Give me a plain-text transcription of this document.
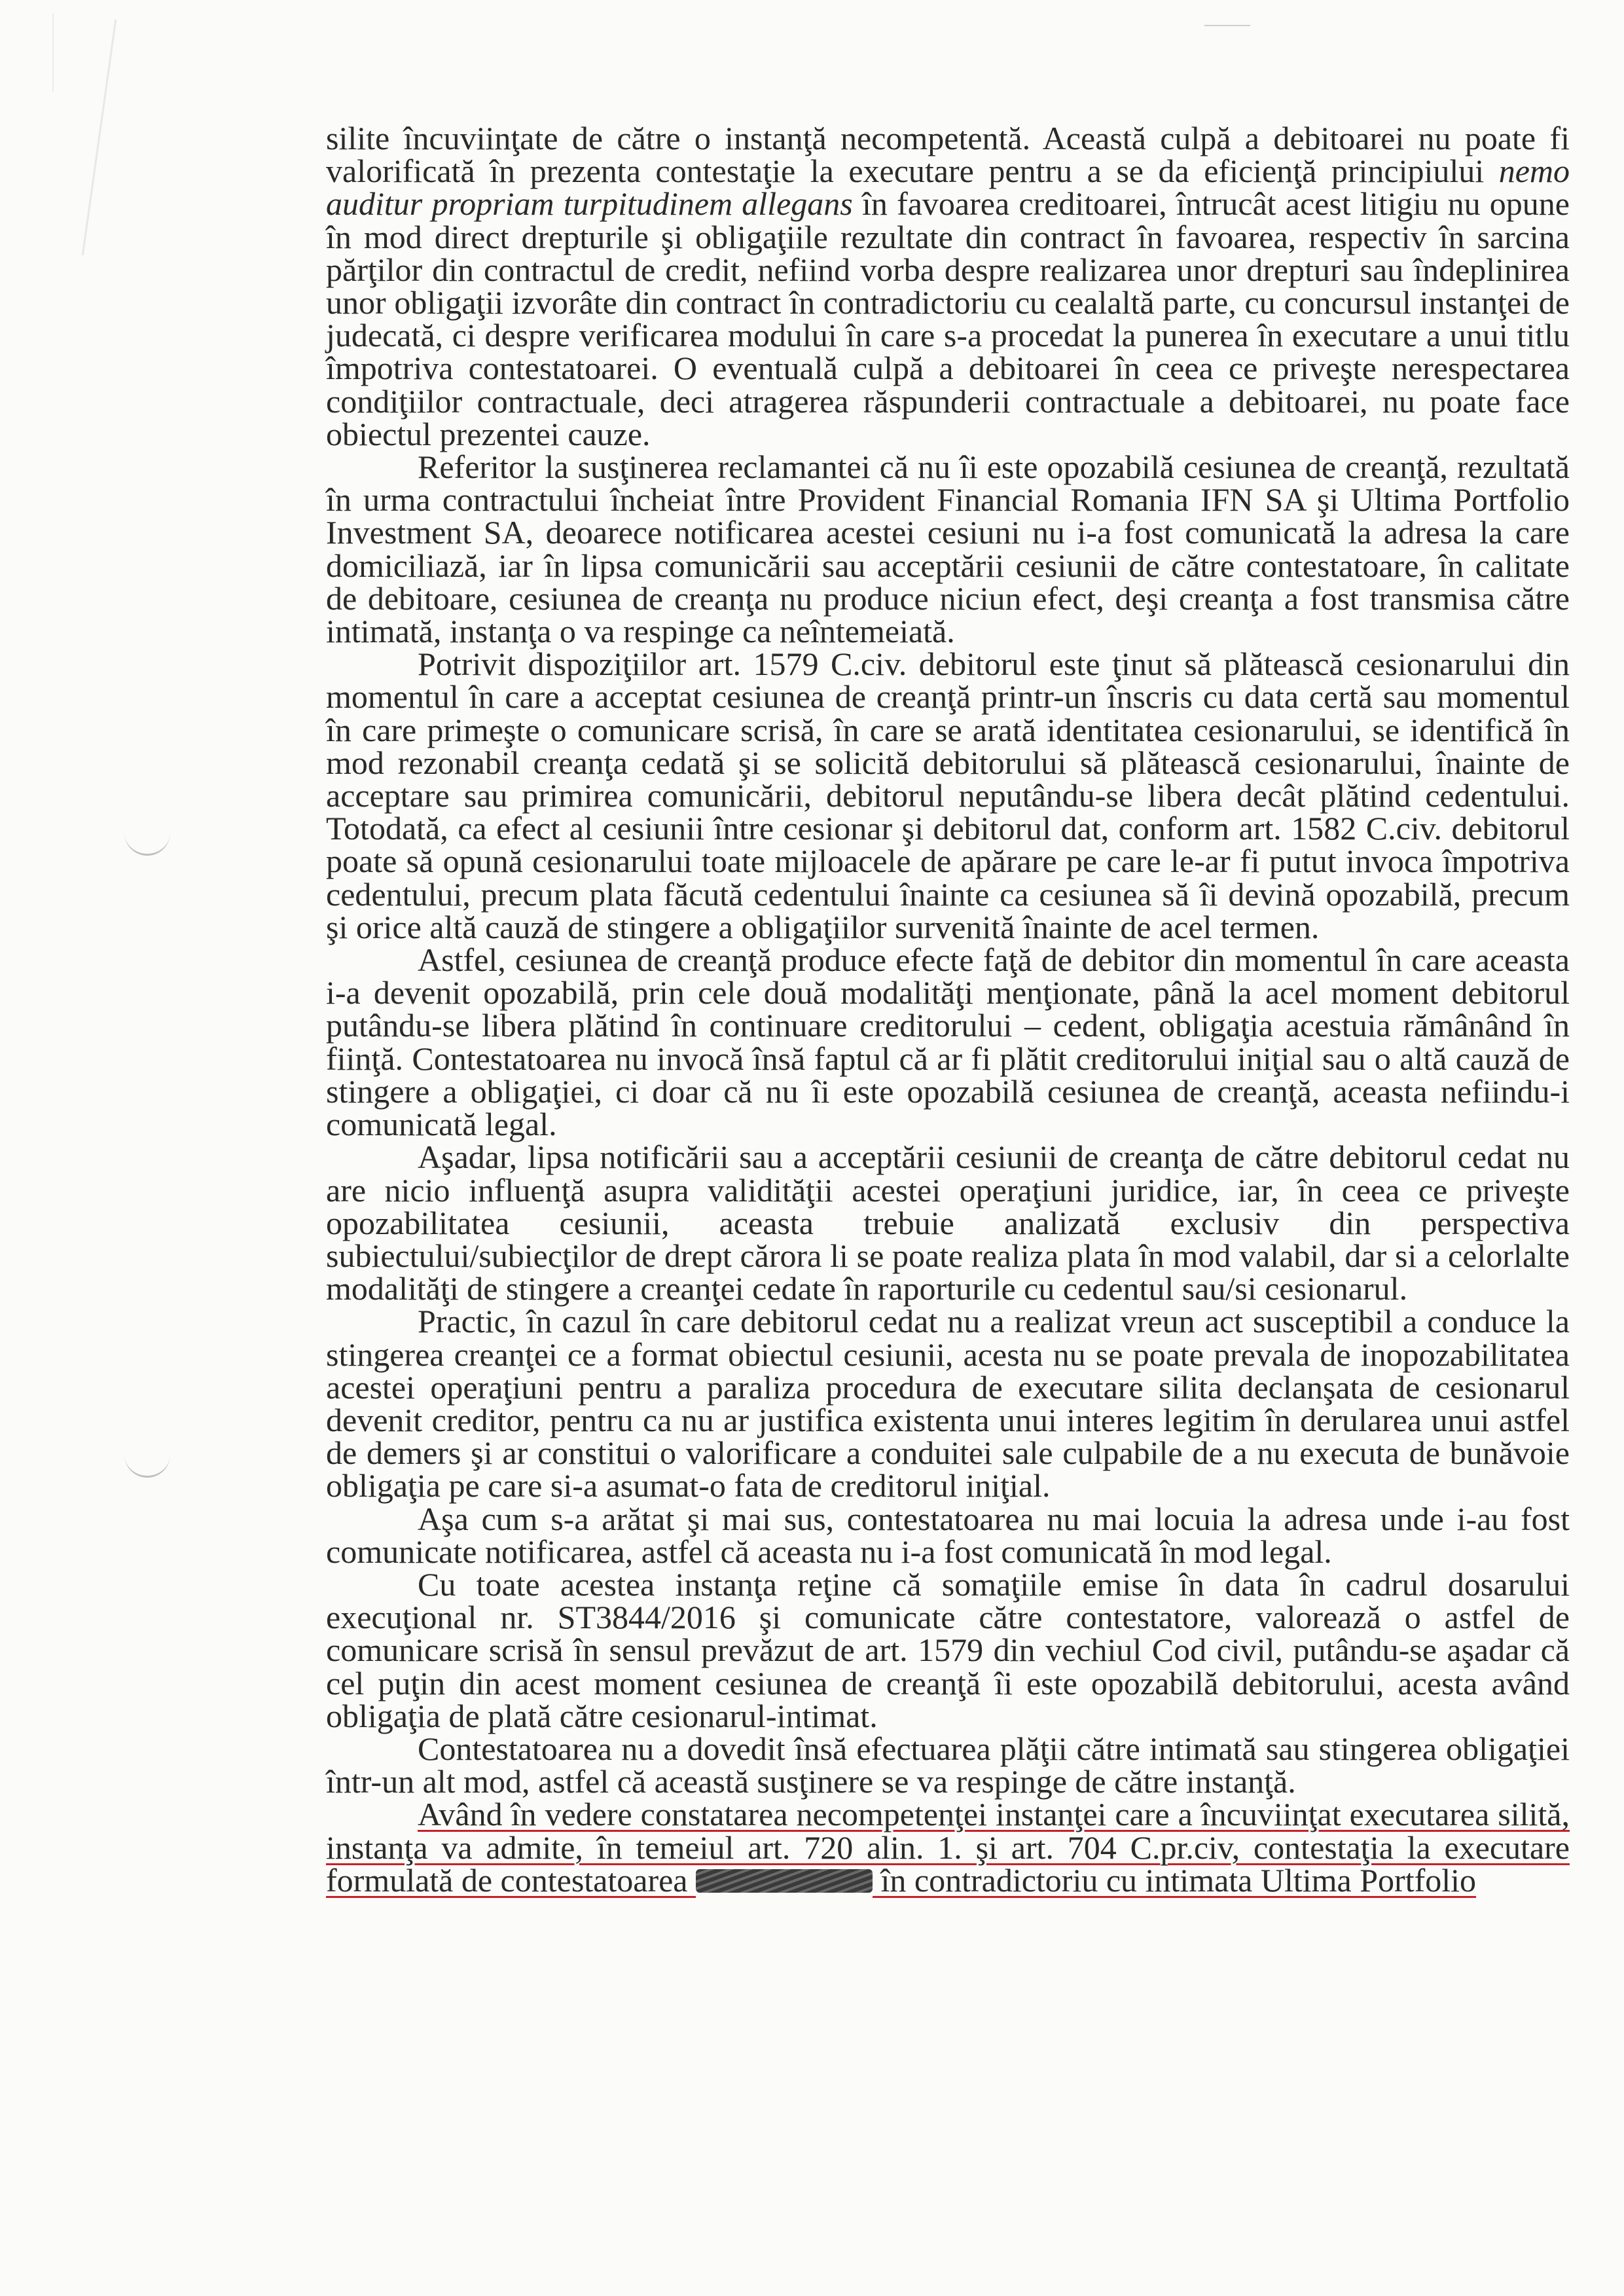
silite încuviinţate de către o instanţă necompetentă. Această culpă a debitoarei nu poate fi valorificată în prezenta contestaţie la executare pentru a se da eficienţă principiului nemo auditur propriam turpitudinem allegans în favoarea creditoarei, întrucât acest litigiu nu opune în mod direct drepturile şi obligaţiile rezultate din contract în favoarea, respectiv în sarcina părţilor din contractul de credit, nefiind vorba despre realizarea unor drepturi sau îndeplinirea unor obligaţii izvorâte din contract în contradictoriu cu cealaltă parte, cu concursul instanţei de judecată, ci despre verificarea modului în care s-a procedat la punerea în executare a unui titlu împotriva contestatoarei. O eventuală culpă a debitoarei în ceea ce priveşte nerespectarea condiţiilor contractuale, deci atragerea răspunderii contractuale a debitoarei, nu poate face obiectul prezentei cauze.

Referitor la susţinerea reclamantei că nu îi este opozabilă cesiunea de creanţă, rezultată în urma contractului încheiat între Provident Financial Romania IFN SA şi Ultima Portfolio Investment SA, deoarece notificarea acestei cesiuni nu i-a fost comunicată la adresa la care domiciliază, iar în lipsa comunicării sau acceptării cesiunii de către contestatoare, în calitate de debitoare, cesiunea de creanţa nu produce niciun efect, deşi creanţa a fost transmisa către intimată, instanţa o va respinge ca neîntemeiată.

Potrivit dispoziţiilor art. 1579 C.civ. debitorul este ţinut să plătească cesionarului din momentul în care a acceptat cesiunea de creanţă printr-un înscris cu data certă sau momentul în care primeşte o comunicare scrisă, în care se arată identitatea cesionarului, se identifică în mod rezonabil creanţa cedată şi se solicită debitorului să plătească cesionarului, înainte de acceptare sau primirea comunicării, debitorul neputându-se libera decât plătind cedentului. Totodată, ca efect al cesiunii între cesionar şi debitorul dat, conform art. 1582 C.civ. debitorul poate să opună cesionarului toate mijloacele de apărare pe care le-ar fi putut invoca împotriva cedentului, precum plata făcută cedentului înainte ca cesiunea să îi devină opozabilă, precum şi orice altă cauză de stingere a obligaţiilor survenită înainte de acel termen.

Astfel, cesiunea de creanţă produce efecte faţă de debitor din momentul în care aceasta i-a devenit opozabilă, prin cele două modalităţi menţionate, până la acel moment debitorul putându-se libera plătind în continuare creditorului – cedent, obligaţia acestuia rămânând în fiinţă. Contestatoarea nu invocă însă faptul că ar fi plătit creditorului iniţial sau o altă cauză de stingere a obligaţiei, ci doar că nu îi este opozabilă cesiunea de creanţă, aceasta nefiindu-i comunicată legal.

Aşadar, lipsa notificării sau a acceptării cesiunii de creanţa de către debitorul cedat nu are nicio influenţă asupra validităţii acestei operaţiuni juridice, iar, în ceea ce priveşte opozabilitatea cesiunii, aceasta trebuie analizată exclusiv din perspectiva subiectului/subiecţilor de drept cărora li se poate realiza plata în mod valabil, dar si a celorlalte modalităţi de stingere a creanţei cedate în raporturile cu cedentul sau/si cesionarul.

Practic, în cazul în care debitorul cedat nu a realizat vreun act susceptibil a conduce la stingerea creanţei ce a format obiectul cesiunii, acesta nu se poate prevala de inopozabilitatea acestei operaţiuni pentru a paraliza procedura de executare silita declanşata de cesionarul devenit creditor, pentru ca nu ar justifica existenta unui interes legitim în derularea unui astfel de demers şi ar constitui o valorificare a conduitei sale culpabile de a nu executa de bunăvoie obligaţia pe care si-a asumat-o fata de creditorul iniţial.

Aşa cum s-a arătat şi mai sus, contestatoarea nu mai locuia la adresa unde i-au fost comunicate notificarea, astfel că aceasta nu i-a fost comunicată în mod legal.

Cu toate acestea instanţa reţine că somaţiile emise în data în cadrul dosarului execuţional nr. ST3844/2016 şi comunicate către contestatore, valorează o astfel de comunicare scrisă în sensul prevăzut de art. 1579 din vechiul Cod civil, putându-se aşadar că cel puţin din acest moment cesiunea de creanţă îi este opozabilă debitorului, acesta având obligaţia de plată către cesionarul-intimat.

Contestatoarea nu a dovedit însă efectuarea plăţii către intimată sau stingerea obligaţiei într-un alt mod, astfel că această susţinere se va respinge de către instanţă.

Având în vedere constatarea necompetenţei instanţei care a încuviinţat executarea silită, instanţa va admite, în temeiul art. 720 alin. 1. şi art. 704 C.pr.civ, contestaţia la executare formulată de contestatoarea	în contradictoriu cu intimata Ultima Portfolio
